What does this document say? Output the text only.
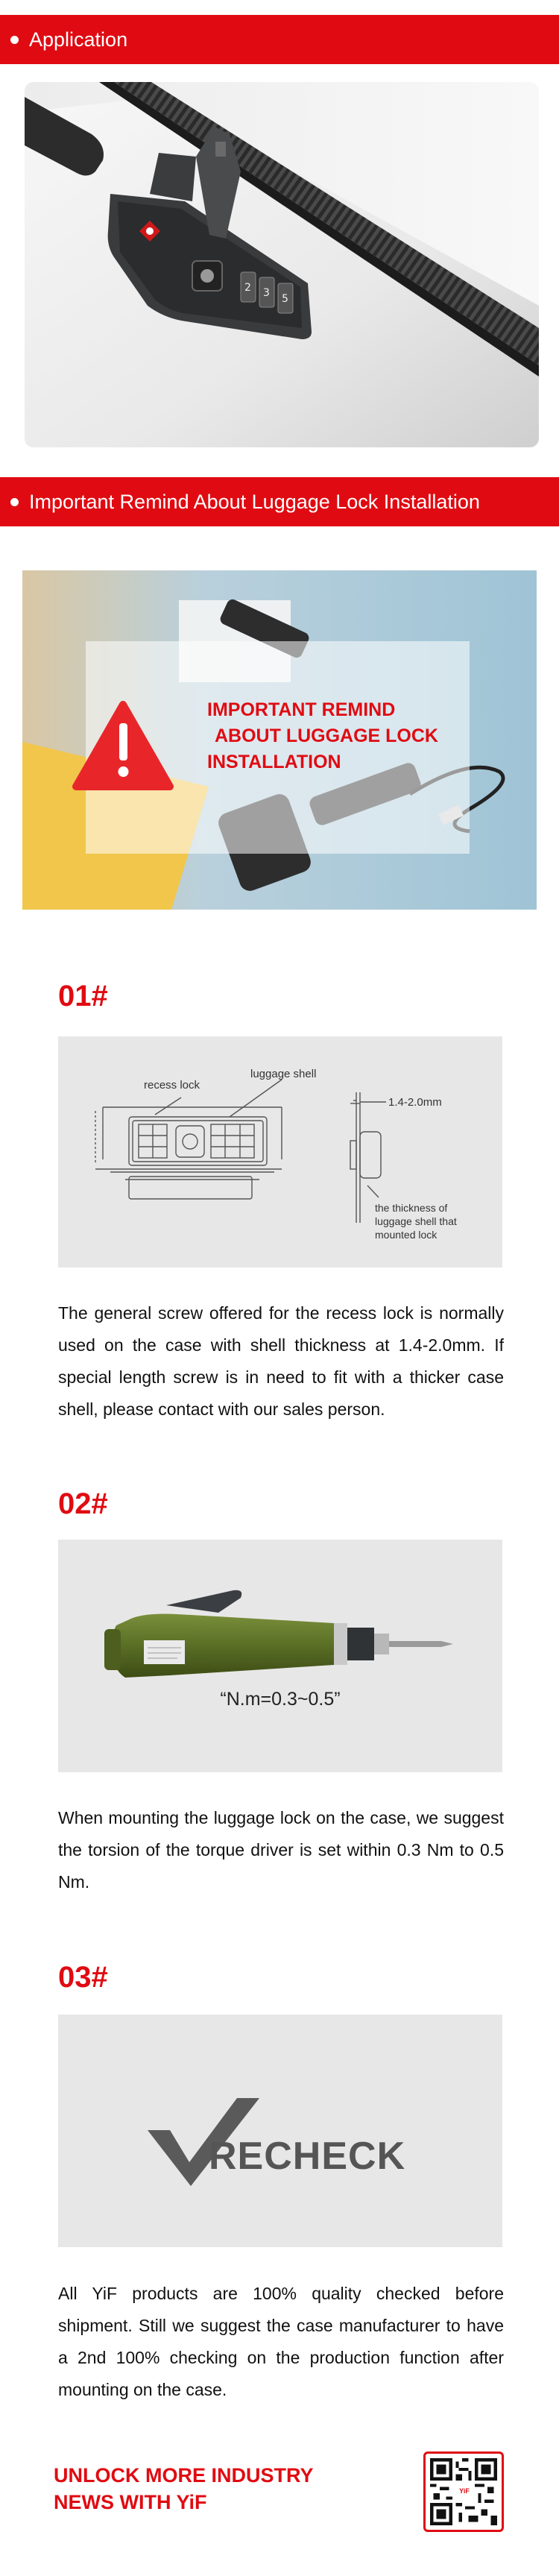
Application
2 3 5
Important Remind About Luggage Lock Installation
IMPORTANT REMIND
ABOUT LUGGAGE LOCK
INSTALLATION
01#
recess lock
luggage shell
1.4-2.0mm
the thickness of
luggage shell that
mounted lock
The general screw offered for the recess lock is normally used on the case with shell thickness at 1.4-2.0mm. If special length screw is in need to fit with a thicker case shell, please contact with our sales person.
02#
“N.m=0.3~0.5”
When mounting the luggage lock on the case, we suggest the torsion of the torque driver is set within 0.3 Nm to 0.5 Nm.
03#
RECHECK
All YiF products are 100% quality checked before shipment. Still we suggest the case manufacturer to have a 2nd 100% checking on the production function after mounting on the case.
UNLOCK MORE INDUSTRY
NEWS WITH YiF	YiF
